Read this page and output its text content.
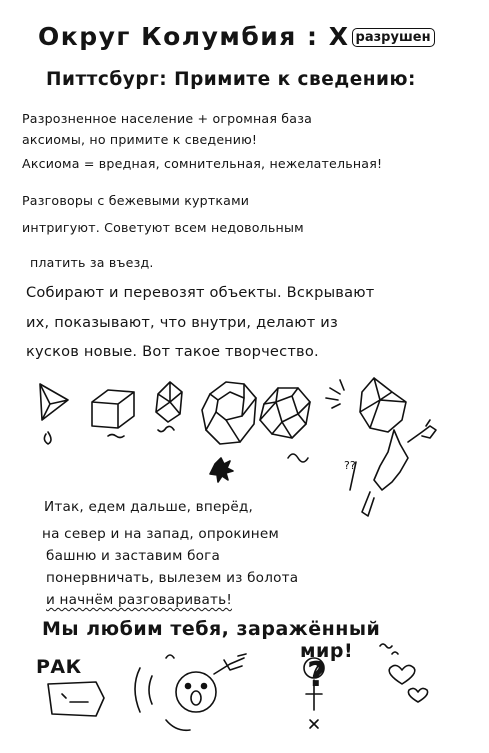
Округ Колумбия : X разрушен
Питтсбург: Примите к сведению:
Разрозненное население + огромная база
аксиомы, но примите к сведению!
Аксиома = вредная, сомнительная, нежелательная!
Разговоры с бежевыми куртками
интригуют. Советуют всем недовольным
платить за въезд.
Собирают и перевозят объекты. Вскрывают
их, показывают, что внутри, делают из
кусков новые. Вот такое творчество.
??
Итак, едем дальше, вперёд,
на север и на запад, опрокинем
башню и заставим бога
понервничать, вылезем из болота
и начнём разговаривать!
Мы любим тебя, заражённый
мир!
РАК	?
